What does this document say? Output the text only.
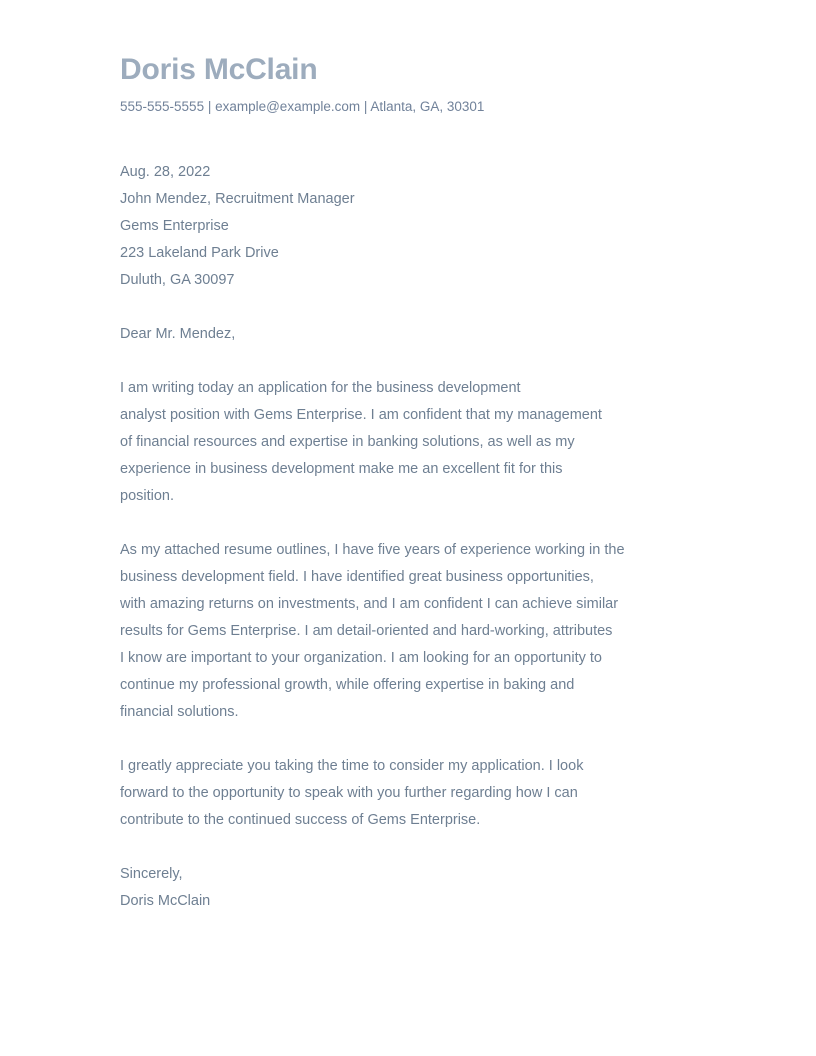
Doris McClain

555-555-5555 | example@example.com | Atlanta, GA, 30301

Aug. 28, 2022
John Mendez, Recruitment Manager
Gems Enterprise
223 Lakeland Park Drive
Duluth, GA 30097
Dear Mr. Mendez,
I am writing today an application for the business development
analyst position with Gems Enterprise. I am confident that my management
of financial resources and expertise in banking solutions, as well as my
experience in business development make me an excellent fit for this
position.
As my attached resume outlines, I have five years of experience working in the
business development field. I have identified great business opportunities,
with amazing returns on investments, and I am confident I can achieve similar
results for Gems Enterprise. I am detail-oriented and hard-working, attributes
I know are important to your organization. I am looking for an opportunity to
continue my professional growth, while offering expertise in baking and
financial solutions.
I greatly appreciate you taking the time to consider my application. I look
forward to the opportunity to speak with you further regarding how I can
contribute to the continued success of Gems Enterprise.
Sincerely,
Doris McClain
